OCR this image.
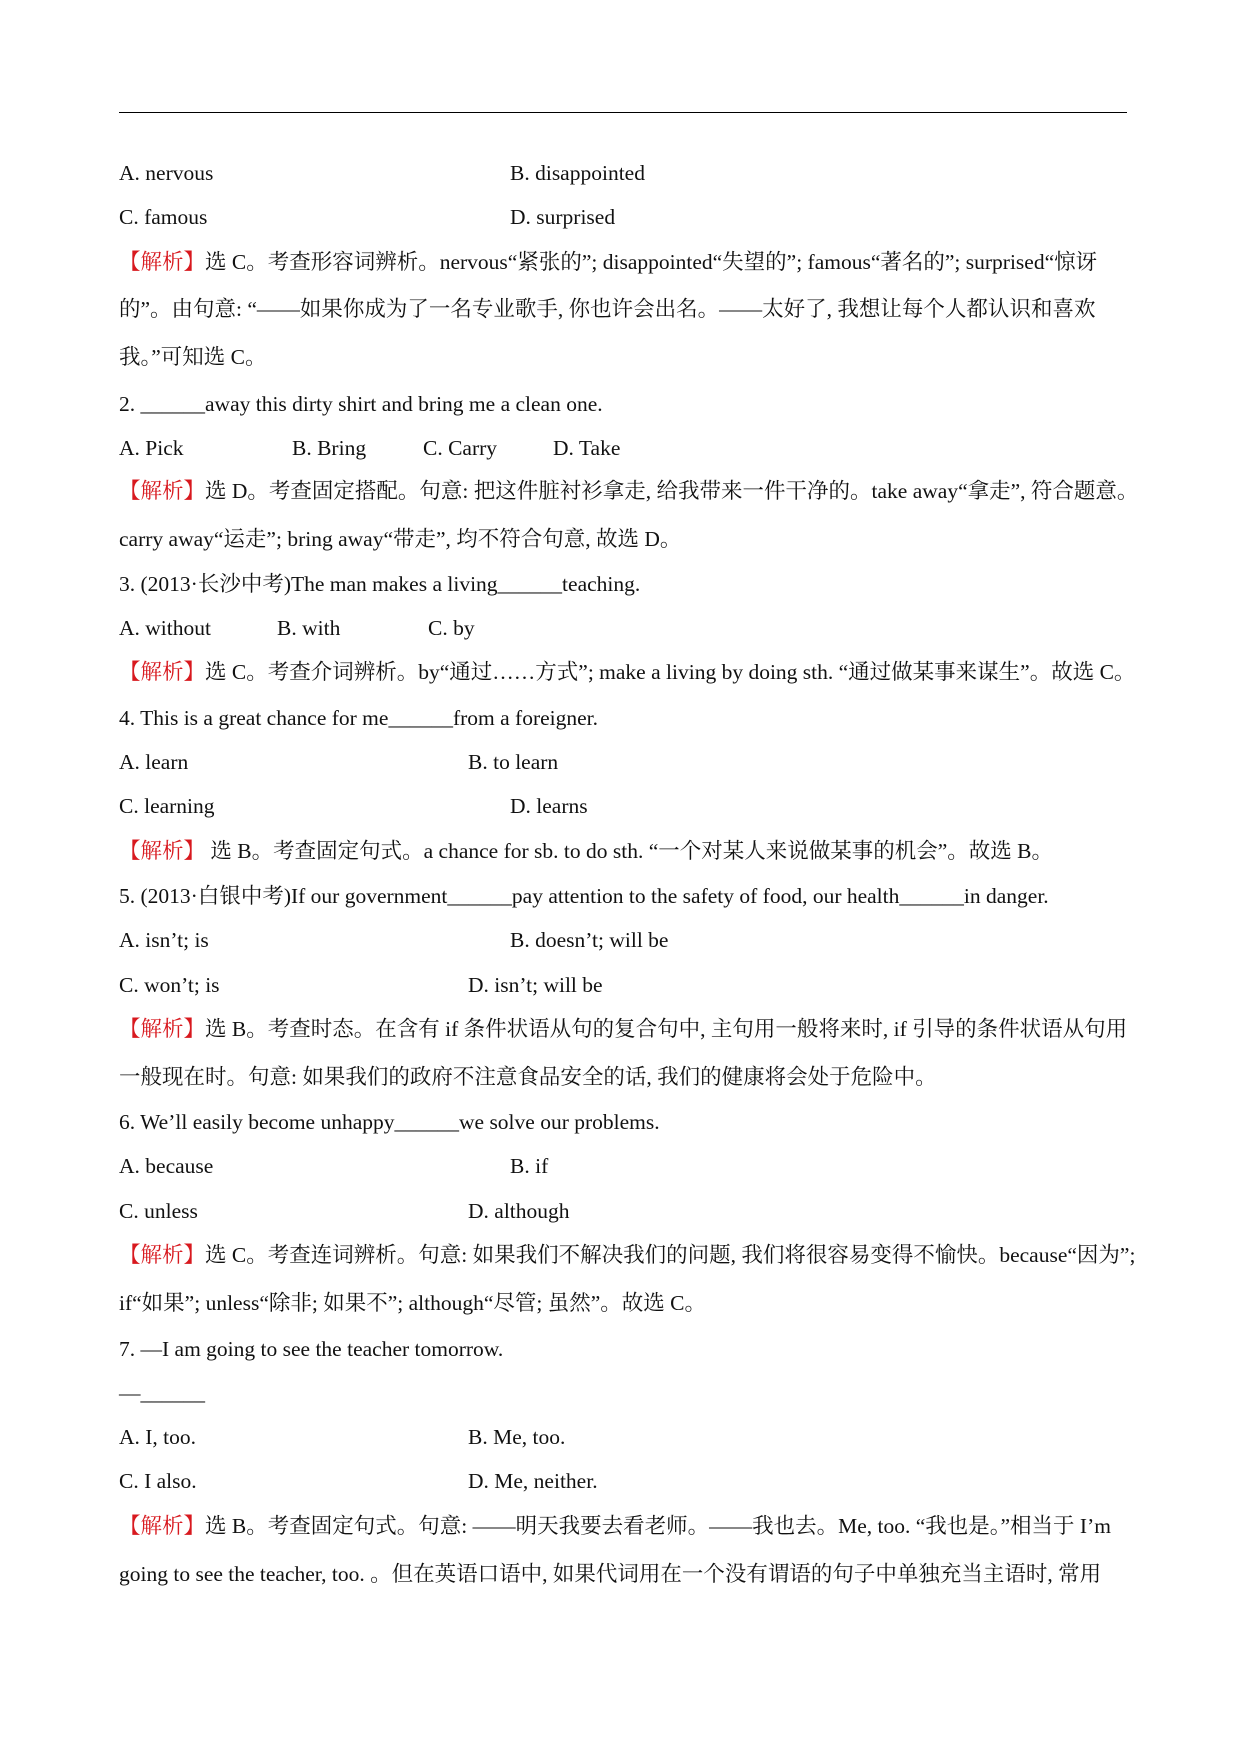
A. nervous	B. disappointed
C. famous	D. surprised
【解析】选 C。考查形容词辨析。nervous“紧张的”; disappointed“失望的”; famous“著名的”; surprised“惊讶
的”。由句意: “——如果你成为了一名专业歌手, 你也许会出名。——太好了, 我想让每个人都认识和喜欢
我。”可知选 C。
2. ______away this dirty shirt and bring me a clean one.
A. Pick	B. Bring	C. Carry	D. Take
【解析】选 D。考查固定搭配。句意: 把这件脏衬衫拿走, 给我带来一件干净的。take away“拿走”, 符合题意。
carry away“运走”; bring away“带走”, 均不符合句意, 故选 D。
3. (2013·长沙中考)The man makes a living______teaching.
A. without	B. with	C. by
【解析】选 C。考查介词辨析。by“通过……方式”; make a living by doing sth. “通过做某事来谋生”。故选 C。
4. This is a great chance for me______from a foreigner.
A. learn	B. to learn
C. learning	D. learns
【解析】 选 B。考查固定句式。a chance for sb. to do sth. “一个对某人来说做某事的机会”。故选 B。
5. (2013·白银中考)If our government______pay attention to the safety of food, our health______in danger.
A. isn’t; is	B. doesn’t; will be
C. won’t; is	D. isn’t; will be
【解析】选 B。考查时态。在含有 if 条件状语从句的复合句中, 主句用一般将来时, if 引导的条件状语从句用
一般现在时。句意: 如果我们的政府不注意食品安全的话, 我们的健康将会处于危险中。
6. We’ll easily become unhappy______we solve our problems.
A. because	B. if
C. unless	D. although
【解析】选 C。考查连词辨析。句意: 如果我们不解决我们的问题, 我们将很容易变得不愉快。because“因为”;
if“如果”; unless“除非; 如果不”; although“尽管; 虽然”。故选 C。
7. —I am going to see the teacher tomorrow.
—______
A. I, too.	B. Me, too.
C. I also.	D. Me, neither.
【解析】选 B。考查固定句式。句意: ——明天我要去看老师。——我也去。Me, too. “我也是。”相当于 I’m
going to see the teacher, too. 。但在英语口语中, 如果代词用在一个没有谓语的句子中单独充当主语时, 常用
